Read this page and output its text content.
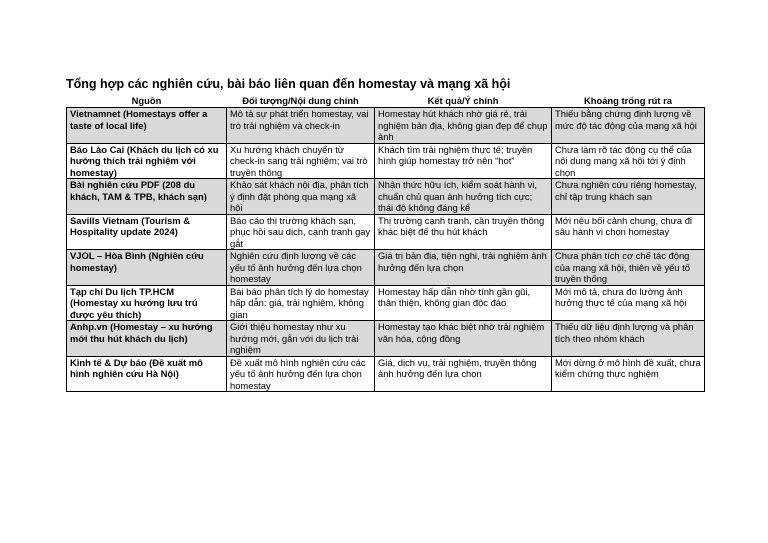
Tổng hợp các nghiên cứu, bài báo liên quan đến homestay và mạng xã hội
Nguồn	Đối tượng/Nội dung chính	Kết quả/Ý chính	Khoảng trống rút ra
Vietnamnet (Homestays offer a taste of local life)	Mô tả sự phát triển homestay, vai trò trải nghiệm và check-in	Homestay hút khách nhờ giá rẻ, trải nghiệm bản địa, không gian đẹp để chụp ảnh	Thiếu bằng chứng định lượng về mức độ tác động của mạng xã hội
Báo Lào Cai (Khách du lịch có xu hướng thích trải nghiệm với homestay)	Xu hướng khách chuyển từ check-in sang trải nghiệm; vai trò truyền thông	Khách tìm trải nghiệm thực tế; truyền hình giúp homestay trở nên “hot”	Chưa làm rõ tác động cụ thể của nội dung mạng xã hội tới ý định chọn
Bài nghiên cứu PDF (208 du khách, TAM & TPB, khách sạn)	Khảo sát khách nội địa, phân tích ý định đặt phòng qua mạng xã hội	Nhận thức hữu ích, kiểm soát hành vi, chuẩn chủ quan ảnh hưởng tích cực; thái độ không đáng kể	Chưa nghiên cứu riêng homestay, chỉ tập trung khách sạn
Savills Vietnam (Tourism & Hospitality update 2024)	Báo cáo thị trường khách sạn, phục hồi sau dịch, cạnh tranh gay gắt	Thị trường cạnh tranh, cần truyền thông khác biệt để thu hút khách	Mới nêu bối cảnh chung, chưa đi sâu hành vi chọn homestay
VJOL – Hòa Bình (Nghiên cứu homestay)	Nghiên cứu định lượng về các yếu tố ảnh hưởng đến lựa chọn homestay	Giá trị bản địa, tiện nghi, trải nghiệm ảnh hưởng đến lựa chọn	Chưa phân tích cơ chế tác động của mạng xã hội, thiên về yếu tố truyền thống
Tạp chí Du lịch TP.HCM (Homestay xu hướng lưu trú được yêu thích)	Bài báo phân tích lý do homestay hấp dẫn: giá, trải nghiệm, không gian	Homestay hấp dẫn nhờ tính gần gũi, thân thiện, không gian độc đáo	Mới mô tả, chưa đo lường ảnh hưởng thực tế của mạng xã hội
Anhp.vn (Homestay – xu hướng mới thu hút khách du lịch)	Giới thiệu homestay như xu hướng mới, gắn với du lịch trải nghiệm	Homestay tạo khác biệt nhờ trải nghiệm văn hóa, cộng đồng	Thiếu dữ liệu định lượng và phân tích theo nhóm khách
Kinh tế & Dự báo (Đề xuất mô hình nghiên cứu Hà Nội)	Đề xuất mô hình nghiên cứu các yếu tố ảnh hưởng đến lựa chọn homestay	Giá, dịch vụ, trải nghiệm, truyền thông ảnh hưởng đến lựa chọn	Mới dừng ở mô hình đề xuất, chưa kiểm chứng thực nghiệm
